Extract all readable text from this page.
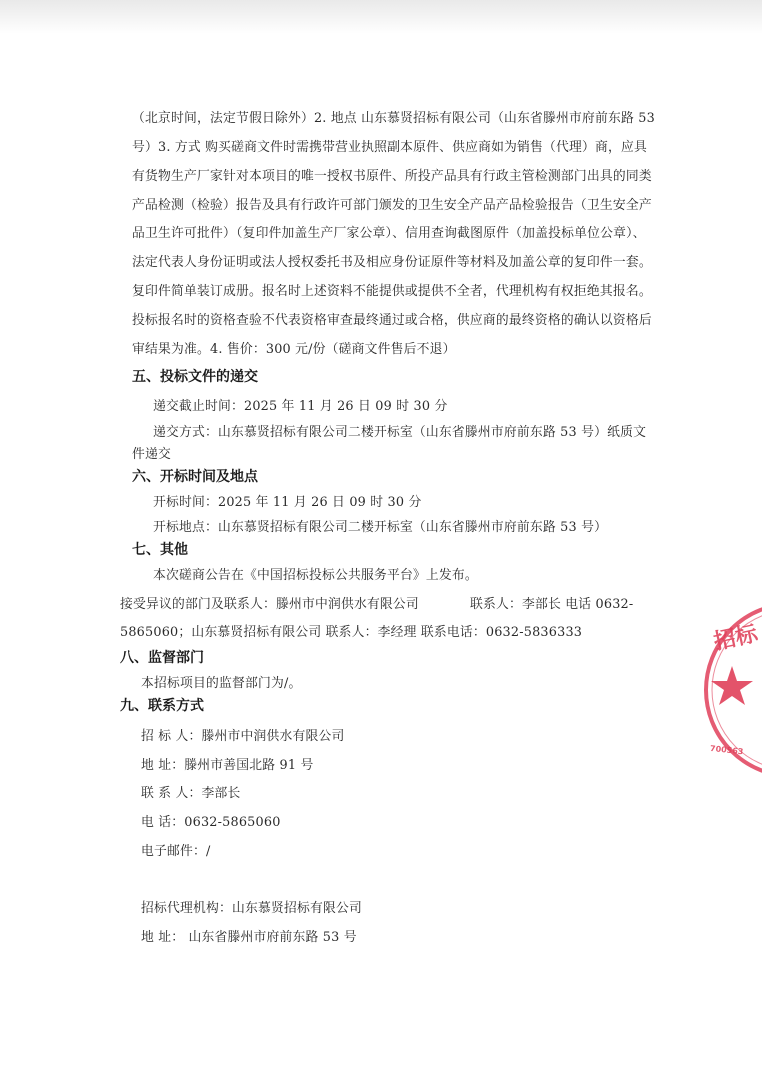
（北京时间，法定节假日除外）2. 地点 山东慕贤招标有限公司（山东省滕州市府前东路 53
号）3. 方式 购买磋商文件时需携带营业执照副本原件、供应商如为销售（代理）商，应具
有货物生产厂家针对本项目的唯一授权书原件、所投产品具有行政主管检测部门出具的同类
产品检测（检验）报告及具有行政许可部门颁发的卫生安全产品产品检验报告（卫生安全产
品卫生许可批件）（复印件加盖生产厂家公章）、信用查询截图原件（加盖投标单位公章）、
法定代表人身份证明或法人授权委托书及相应身份证原件等材料及加盖公章的复印件一套。
复印件简单装订成册。报名时上述资料不能提供或提供不全者，代理机构有权拒绝其报名。
投标报名时的资格查验不代表资格审查最终通过或合格，供应商的最终资格的确认以资格后
审结果为准。4. 售价：300 元/份（磋商文件售后不退）
五、投标文件的递交
递交截止时间：2025 年 11 月 26 日 09 时 30 分
递交方式：山东慕贤招标有限公司二楼开标室（山东省滕州市府前东路 53 号）纸质文
件递交
六、开标时间及地点
开标时间：2025 年 11 月 26 日 09 时 30 分
开标地点：山东慕贤招标有限公司二楼开标室（山东省滕州市府前东路 53 号）
七、其他
本次磋商公告在《中国招标投标公共服务平台》上发布。
接受异议的部门及联系人：滕州市中润供水有限公司	联系人：李部长 电话 0632-
5865060；山东慕贤招标有限公司 联系人：李经理 联系电话：0632-5836333
八、监督部门
本招标项目的监督部门为/。
九、联系方式
招 标 人：滕州市中润供水有限公司
地 址：滕州市善国北路 91 号
联 系 人：李部长
电 话：0632-5865060
电子邮件：/
招标代理机构：山东慕贤招标有限公司
地 址： 山东省滕州市府前东路 53 号
招标
700563
